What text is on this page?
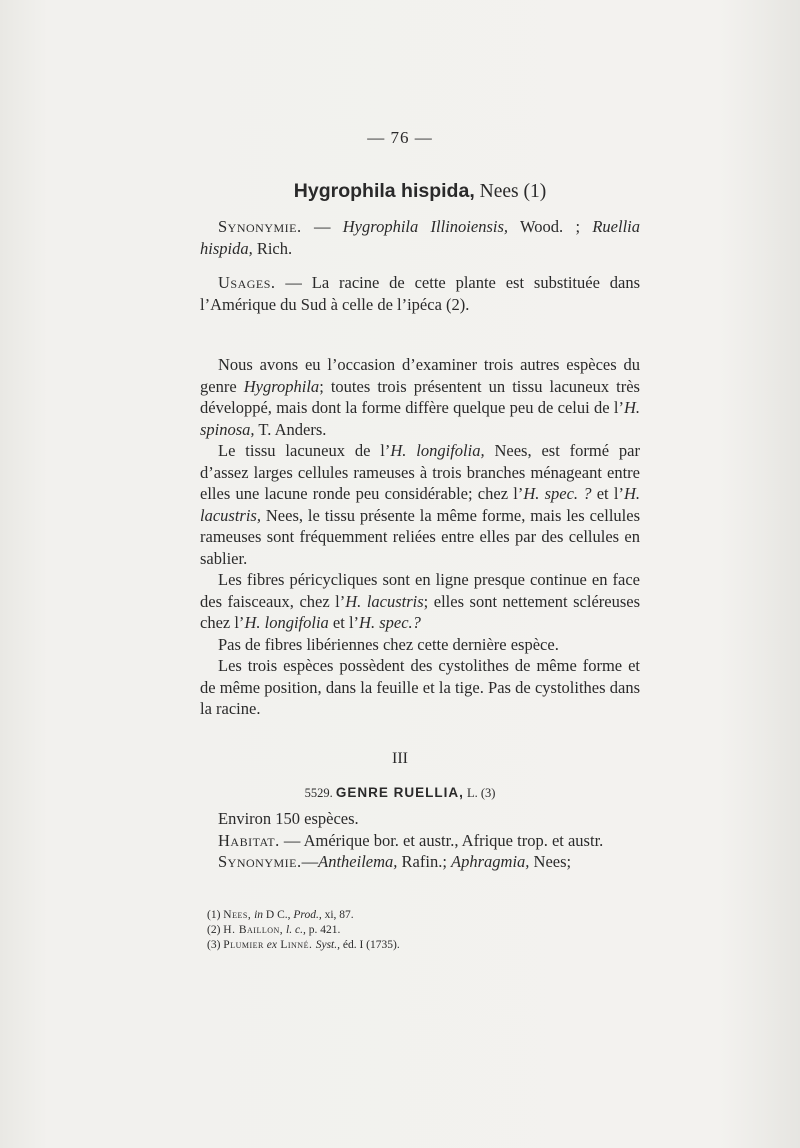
— 76 —
Hygrophila hispida, Nees (1)
Synonymie. — Hygrophila Illinoiensis, Wood. ; Ruellia hispida, Rich.
Usages. — La racine de cette plante est substituée dans l’Amérique du Sud à celle de l’ipéca (2).
Nous avons eu l’occasion d’examiner trois autres espèces du genre Hygrophila; toutes trois présentent un tissu lacuneux très développé, mais dont la forme diffère quelque peu de celui de l’H. spinosa, T. Anders.
Le tissu lacuneux de l’H. longifolia, Nees, est formé par d’assez larges cellules rameuses à trois branches ménageant entre elles une lacune ronde peu considérable; chez l’H. spec. ? et l’H. lacustris, Nees, le tissu présente la même forme, mais les cellules rameuses sont fréquemment reliées entre elles par des cellules en sablier.
Les fibres péricycliques sont en ligne presque continue en face des faisceaux, chez l’H. lacustris; elles sont nettement scléreuses chez l’H. longifolia et l’H. spec.?
Pas de fibres libériennes chez cette dernière espèce.
Les trois espèces possèdent des cystolithes de même forme et de même position, dans la feuille et la tige. Pas de cystolithes dans la racine.
III
5529. GENRE RUELLIA, L. (3)
Environ 150 espèces.
Habitat. — Amérique bor. et austr., Afrique trop. et austr.
Synonymie.—Antheilema, Rafin.; Aphragmia, Nees;
(1) Nees, in D C., Prod., xi, 87.
(2) H. Baillon, l. c., p. 421.
(3) Plumier ex Linné. Syst., éd. I (1735).
